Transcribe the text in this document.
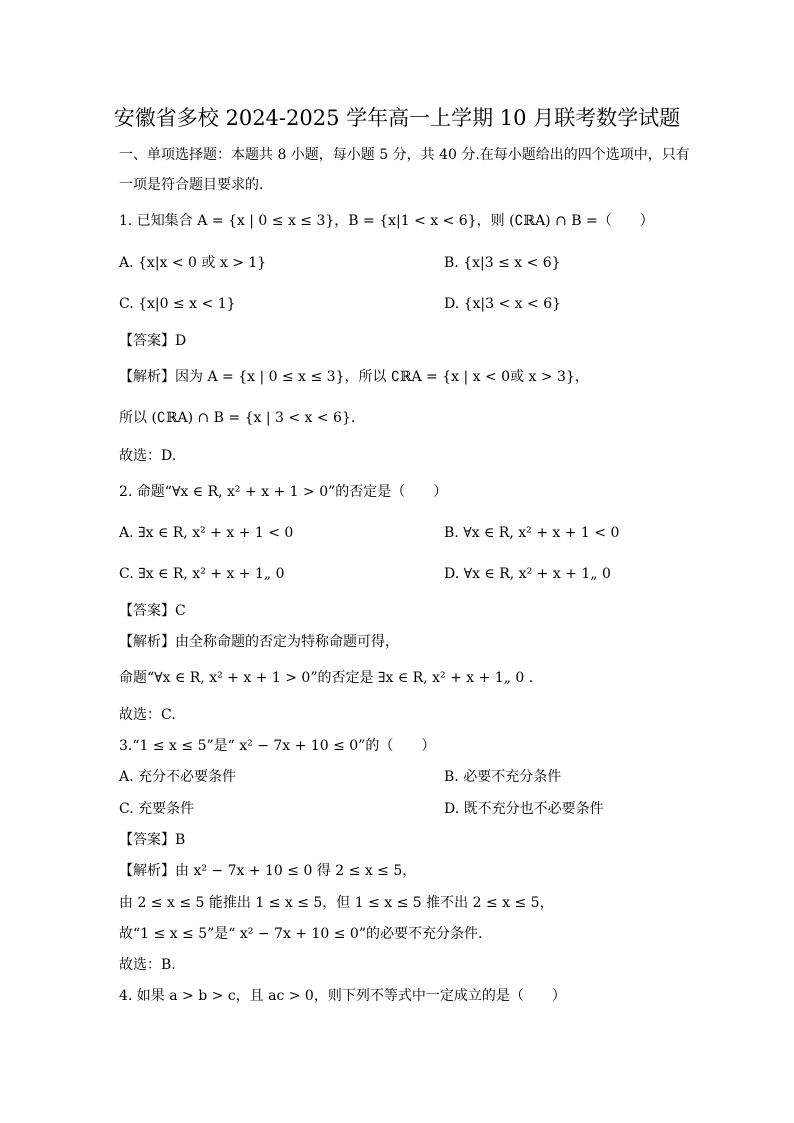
安徽省多校 2024-2025 学年高一上学期 10 月联考数学试题
一、单项选择题：本题共 8 小题，每小题 5 分，共 40 分.在每小题给出的四个选项中，只有
一项是符合题目要求的.
1. 已知集合 A = {x | 0 ≤ x ≤ 3}，B = {x|1 < x < 6}，则 (∁ℝA) ∩ B =（　　）
A. {x|x < 0 或 x > 1}	B. {x|3 ≤ x < 6}
C. {x|0 ≤ x < 1}	D. {x|3 < x < 6}
【答案】D
【解析】因为 A = {x | 0 ≤ x ≤ 3}，所以 ∁ℝA = {x | x < 0或 x > 3}，
所以 (∁ℝA) ∩ B = {x | 3 < x < 6}.
故选：D.
2. 命题“∀x ∈ R, x² + x + 1 > 0”的否定是（　　）
A. ∃x ∈ R, x² + x + 1 < 0	B. ∀x ∈ R, x² + x + 1 < 0
C. ∃x ∈ R, x² + x + 1„ 0	D. ∀x ∈ R, x² + x + 1„ 0
【答案】C
【解析】由全称命题的否定为特称命题可得，
命题“∀x ∈ R, x² + x + 1 > 0”的否定是 ∃x ∈ R, x² + x + 1„ 0 .
故选：C.
3.“1 ≤ x ≤ 5”是“ x² − 7x + 10 ≤ 0”的（　　）
A. 充分不必要条件	B. 必要不充分条件
C. 充要条件	D. 既不充分也不必要条件
【答案】B
【解析】由 x² − 7x + 10 ≤ 0 得 2 ≤ x ≤ 5，
由 2 ≤ x ≤ 5 能推出 1 ≤ x ≤ 5，但 1 ≤ x ≤ 5 推不出 2 ≤ x ≤ 5，
故“1 ≤ x ≤ 5”是“ x² − 7x + 10 ≤ 0”的必要不充分条件.
故选：B.
4. 如果 a > b > c，且 ac > 0，则下列不等式中一定成立的是（　　）
